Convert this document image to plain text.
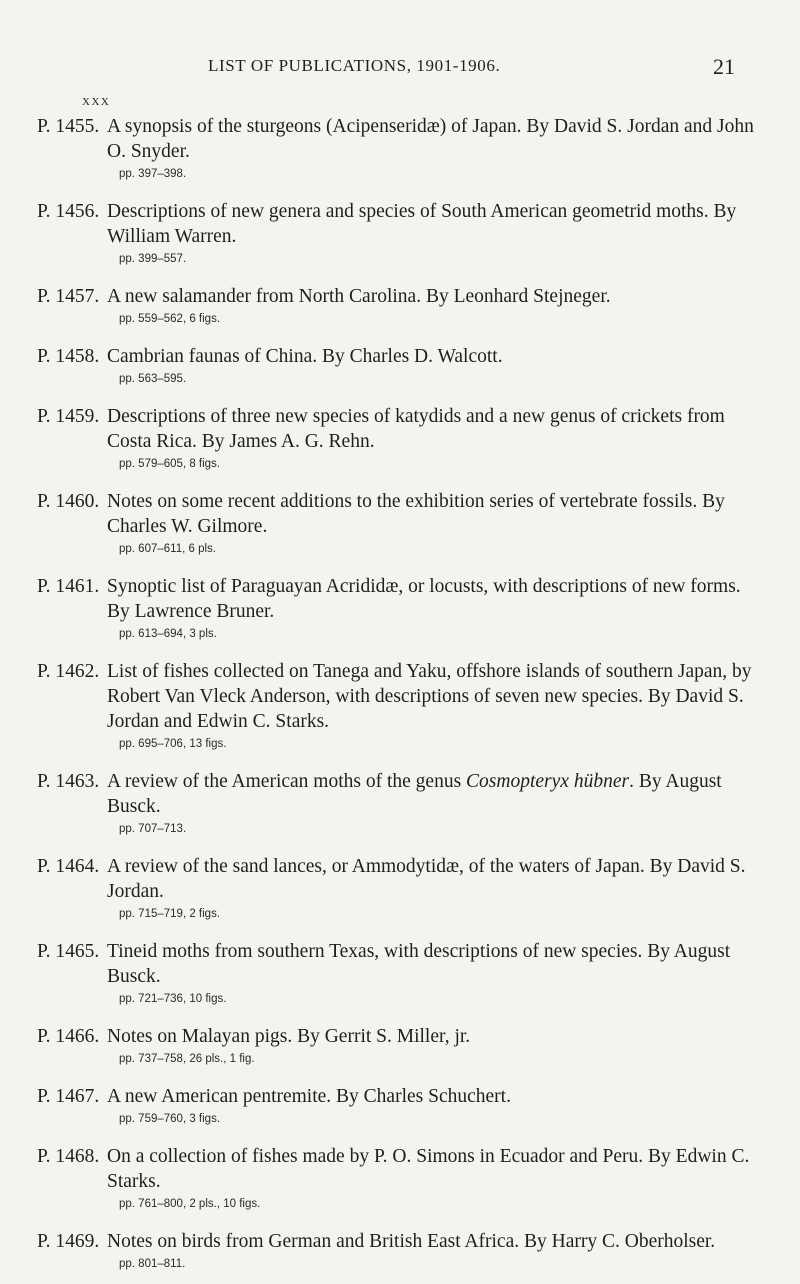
LIST OF PUBLICATIONS, 1901-1906.	21
XXX
P. 1455. A synopsis of the sturgeons (Acipenseridæ) of Japan. By David S. Jordan and John O. Snyder.
pp. 397–398.
P. 1456. Descriptions of new genera and species of South American geometrid moths. By William Warren.
pp. 399–557.
P. 1457. A new salamander from North Carolina. By Leonhard Stejneger.
pp. 559–562, 6 figs.
P. 1458. Cambrian faunas of China. By Charles D. Walcott.
pp. 563–595.
P. 1459. Descriptions of three new species of katydids and a new genus of crickets from Costa Rica. By James A. G. Rehn.
pp. 579–605, 8 figs.
P. 1460. Notes on some recent additions to the exhibition series of vertebrate fossils. By Charles W. Gilmore.
pp. 607–611, 6 pls.
P. 1461. Synoptic list of Paraguayan Acrididæ, or locusts, with descriptions of new forms. By Lawrence Bruner.
pp. 613–694, 3 pls.
P. 1462. List of fishes collected on Tanega and Yaku, offshore islands of southern Japan, by Robert Van Vleck Anderson, with descriptions of seven new species. By David S. Jordan and Edwin C. Starks.
pp. 695–706, 13 figs.
P. 1463. A review of the American moths of the genus Cosmopteryx hübner. By August Busck.
pp. 707–713.
P. 1464. A review of the sand lances, or Ammodytidæ, of the waters of Japan. By David S. Jordan.
pp. 715–719, 2 figs.
P. 1465. Tineid moths from southern Texas, with descriptions of new species. By August Busck.
pp. 721–736, 10 figs.
P. 1466. Notes on Malayan pigs. By Gerrit S. Miller, jr.
pp. 737–758, 26 pls., 1 fig.
P. 1467. A new American pentremite. By Charles Schuchert.
pp. 759–760, 3 figs.
P. 1468. On a collection of fishes made by P. O. Simons in Ecuador and Peru. By Edwin C. Starks.
pp. 761–800, 2 pls., 10 figs.
P. 1469. Notes on birds from German and British East Africa. By Harry C. Oberholser.
pp. 801–811.
